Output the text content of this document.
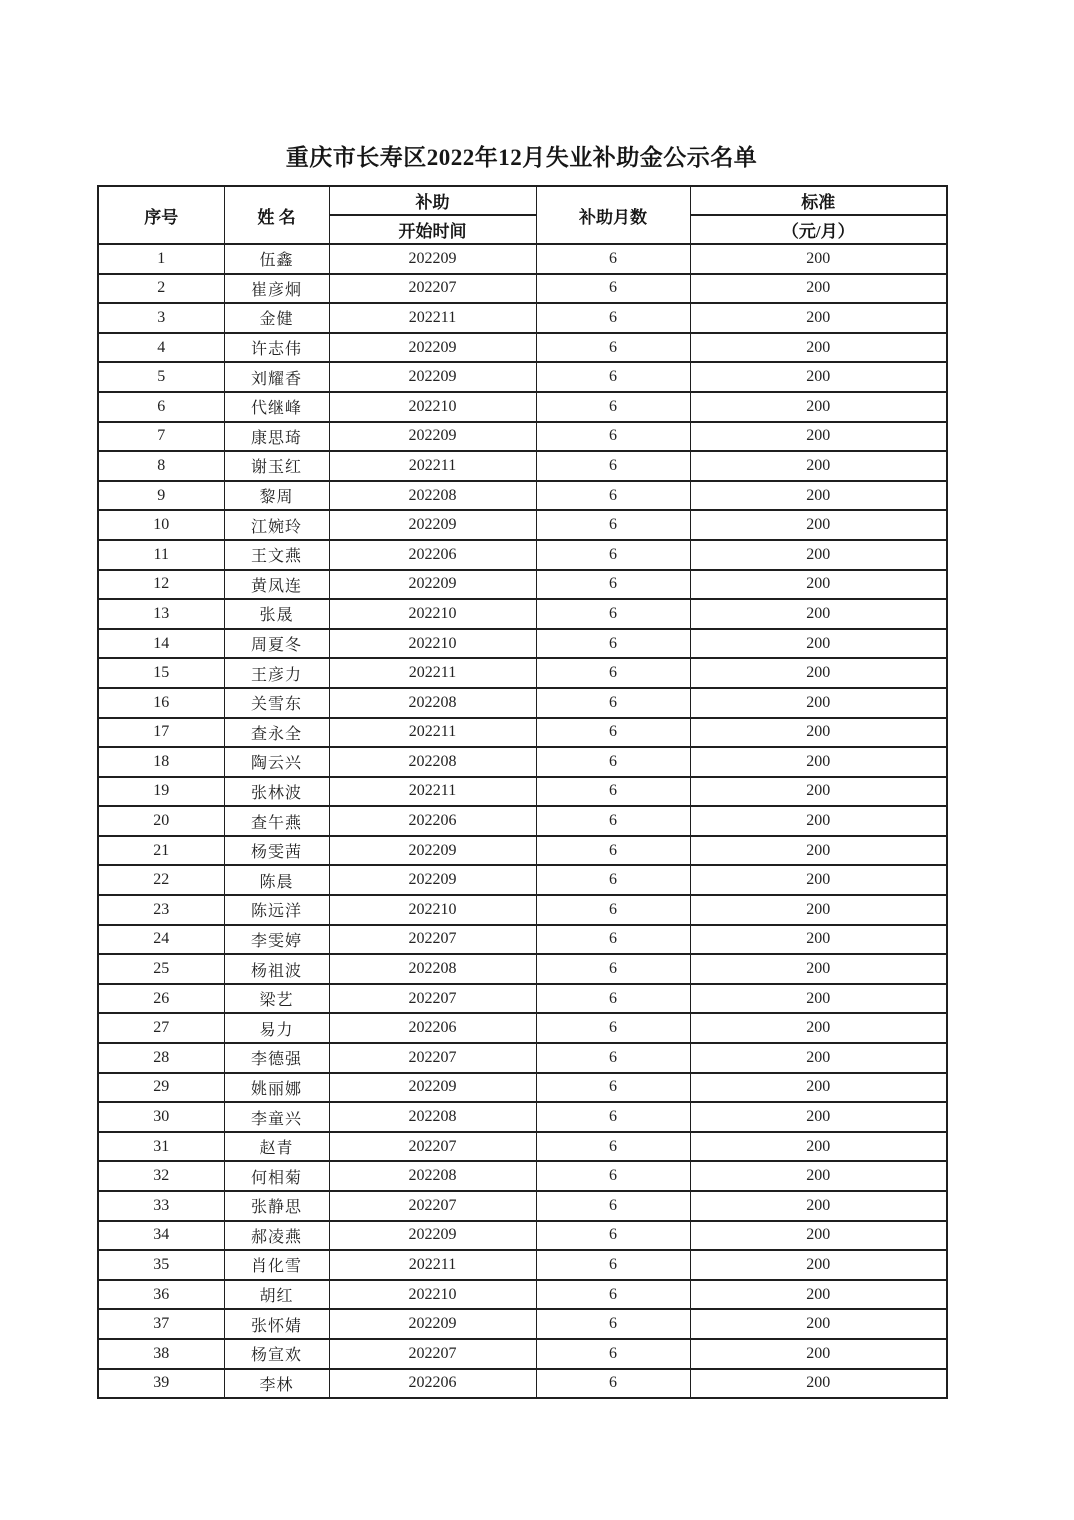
重庆市长寿区2022年12月失业补助金公示名单
序号	姓 名	补助	补助月数	标准
		开始时间		（元/月）
1	伍鑫	202209	6	200
2	崔彦炯	202207	6	200
3	金健	202211	6	200
4	许志伟	202209	6	200
5	刘耀香	202209	6	200
6	代继峰	202210	6	200
7	康思琦	202209	6	200
8	谢玉红	202211	6	200
9	黎周	202208	6	200
10	江婉玲	202209	6	200
11	王文燕	202206	6	200
12	黄凤连	202209	6	200
13	张晟	202210	6	200
14	周夏冬	202210	6	200
15	王彦力	202211	6	200
16	关雪东	202208	6	200
17	查永全	202211	6	200
18	陶云兴	202208	6	200
19	张林波	202211	6	200
20	查午燕	202206	6	200
21	杨雯茜	202209	6	200
22	陈晨	202209	6	200
23	陈远洋	202210	6	200
24	李雯婷	202207	6	200
25	杨祖波	202208	6	200
26	梁艺	202207	6	200
27	易力	202206	6	200
28	李德强	202207	6	200
29	姚丽娜	202209	6	200
30	李童兴	202208	6	200
31	赵青	202207	6	200
32	何相菊	202208	6	200
33	张静思	202207	6	200
34	郝凌燕	202209	6	200
35	肖化雪	202211	6	200
36	胡红	202210	6	200
37	张怀婧	202209	6	200
38	杨宣欢	202207	6	200
39	李林	202206	6	200
